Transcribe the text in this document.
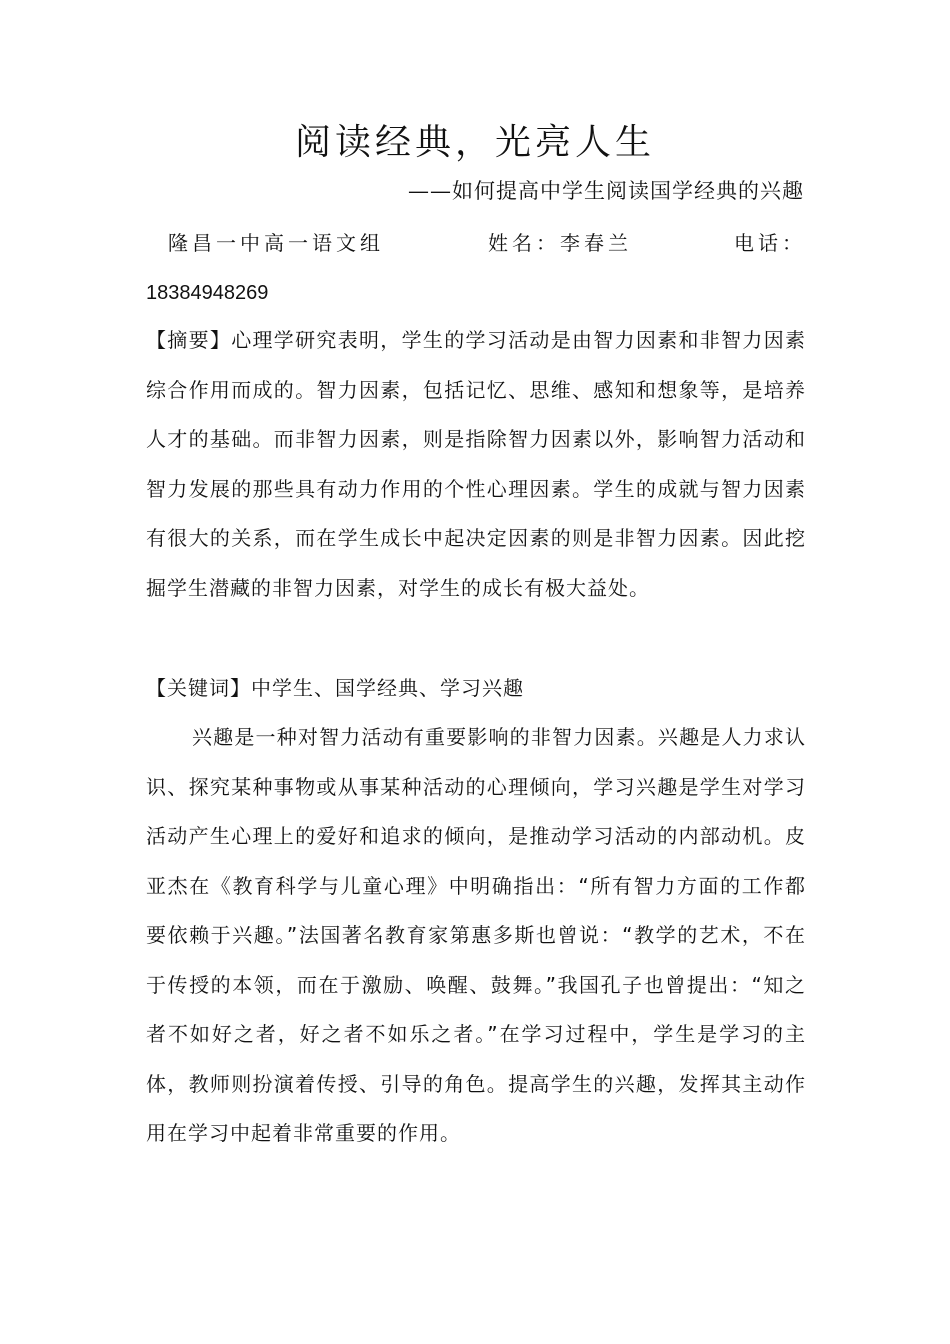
阅读经典，光亮人生
——如何提高中学生阅读国学经典的兴趣
隆昌一中高一语文组	姓名：李春兰	电话：
18384948269

【摘要】心理学研究表明，学生的学习活动是由智力因素和非智力因素综合作用而成的。智力因素，包括记忆、思维、感知和想象等，是培养人才的基础。而非智力因素，则是指除智力因素以外，影响智力活动和智力发展的那些具有动力作用的个性心理因素。学生的成就与智力因素有很大的关系，而在学生成长中起决定因素的则是非智力因素。因此挖掘学生潜藏的非智力因素，对学生的成长有极大益处。

【关键词】中学生、国学经典、学习兴趣

兴趣是一种对智力活动有重要影响的非智力因素。兴趣是人力求认识、探究某种事物或从事某种活动的心理倾向，学习兴趣是学生对学习活动产生心理上的爱好和追求的倾向，是推动学习活动的内部动机。皮亚杰在《教育科学与儿童心理》中明确指出：“所有智力方面的工作都要依赖于兴趣。”法国著名教育家第惠多斯也曾说：“教学的艺术，不在于传授的本领，而在于激励、唤醒、鼓舞。”我国孔子也曾提出：“知之者不如好之者，好之者不如乐之者。”在学习过程中，学生是学习的主体，教师则扮演着传授、引导的角色。提高学生的兴趣，发挥其主动作用在学习中起着非常重要的作用。
